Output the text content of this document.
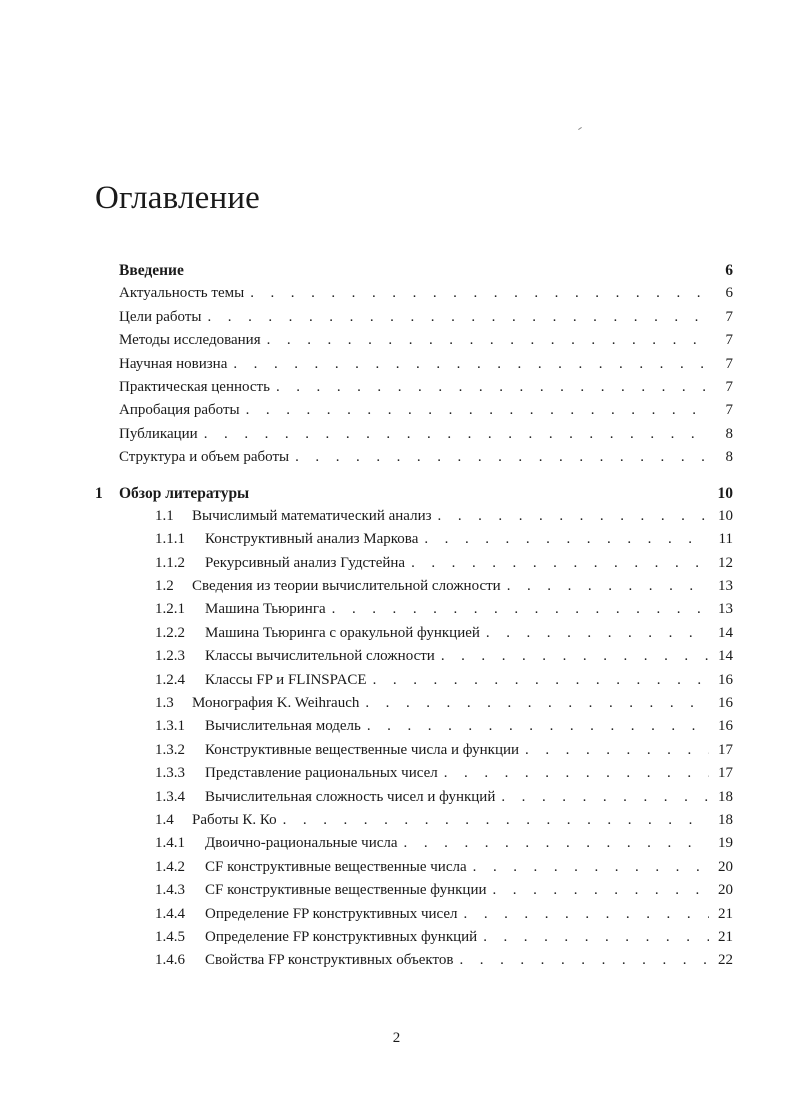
Оглавление
Введение	6
Актуальность темы . . .	6
Цели работы . . .	7
Методы исследования . . .	7
Научная новизна . . .	7
Практическая ценность . . .	7
Апробация работы . . .	7
Публикации . . .	8
Структура и объем работы . . .	8
1	Обзор литературы	10
1.1	Вычислимый математический анализ . . .	10
1.1.1	Конструктивный анализ Маркова . . .	11
1.1.2	Рекурсивный анализ Гудстейна . . .	12
1.2	Сведения из теории вычислительной сложности . . .	13
1.2.1	Машина Тьюринга . . .	13
1.2.2	Машина Тьюринга с оракульной функцией . . .	14
1.2.3	Классы вычислительной сложности . . .	14
1.2.4	Классы FP и FLINSPACE . . .	16
1.3	Монография K. Weihrauch . . .	16
1.3.1	Вычислительная модель . . .	16
1.3.2	Конструктивные вещественные числа и функции . . .	17
1.3.3	Представление рациональных чисел . . .	17
1.3.4	Вычислительная сложность чисел и функций . . .	18
1.4	Работы К. Ко . . .	18
1.4.1	Двоично-рациональные числа . . .	19
1.4.2	CF конструктивные вещественные числа . . .	20
1.4.3	CF конструктивные вещественные функции . . .	20
1.4.4	Определение FP конструктивных чисел . . .	21
1.4.5	Определение FP конструктивных функций . . .	21
1.4.6	Свойства FP конструктивных объектов . . .	22
2
